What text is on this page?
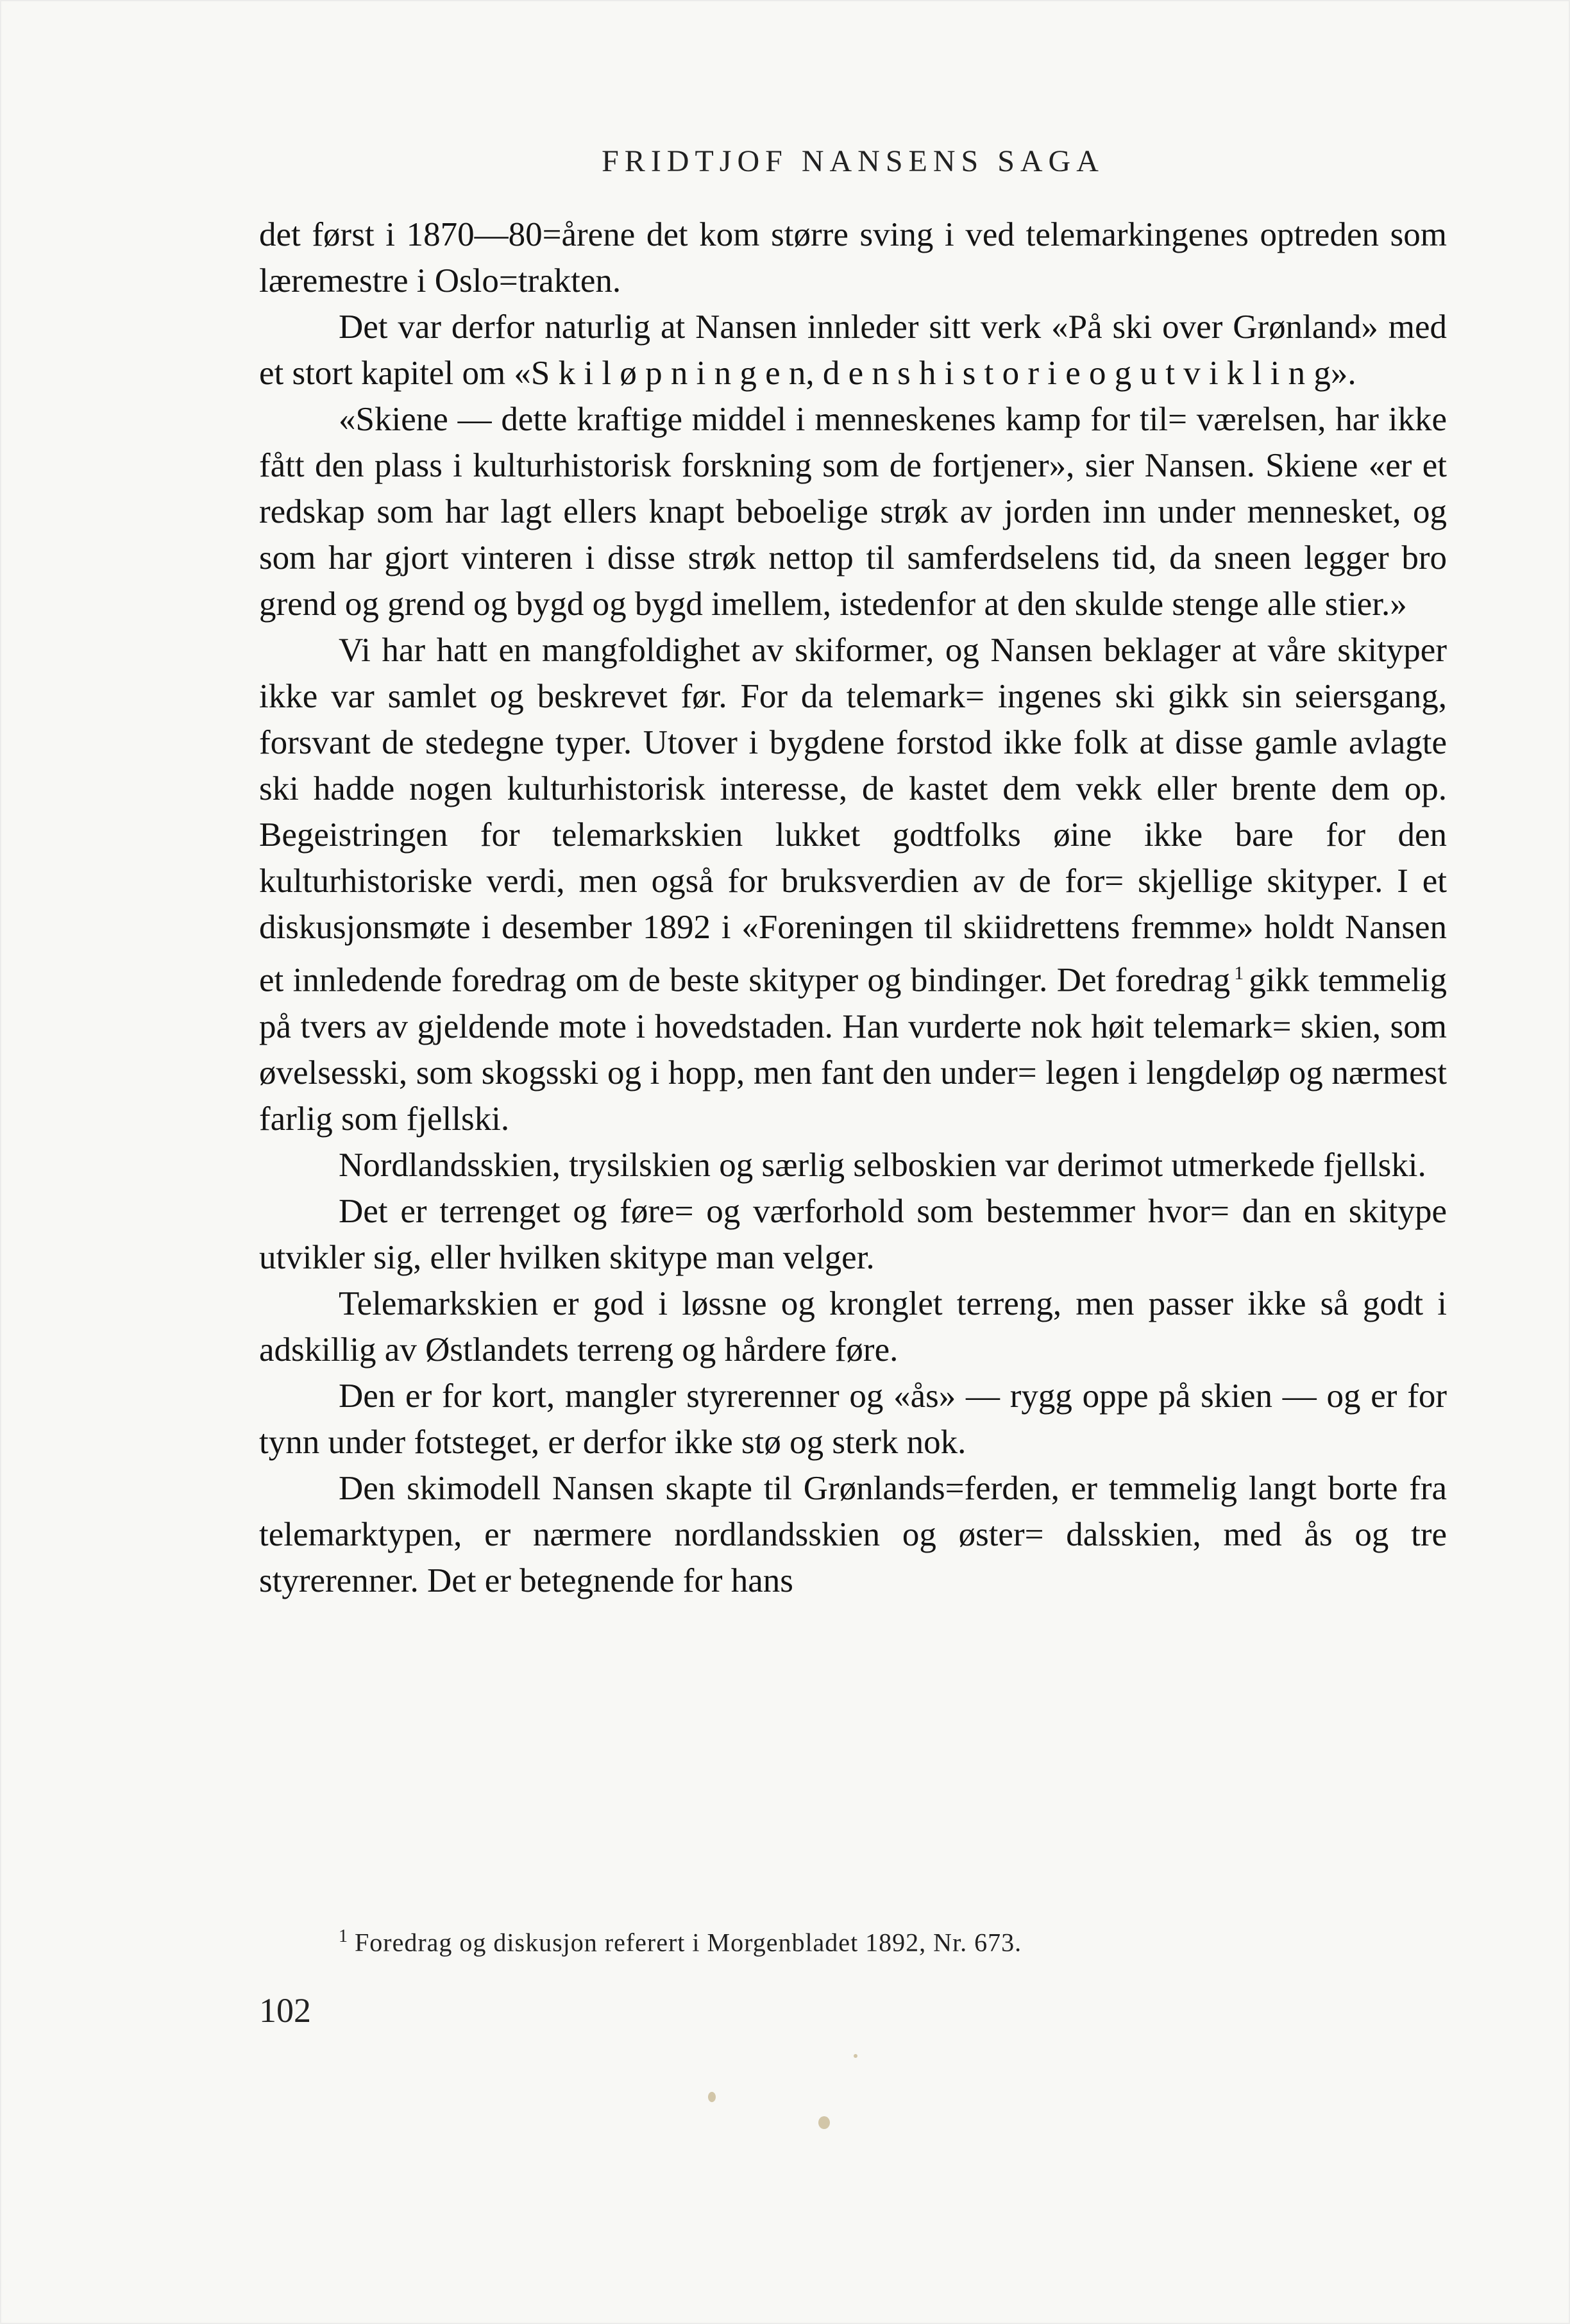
FRIDTJOF NANSENS SAGA

det først i 1870—80=årene det kom større sving i ved telemarkingenes optreden som læremestre i Oslo=trakten.

Det var derfor naturlig at Nansen innleder sitt verk «På ski over Grønland» med et stort kapitel om «S k i l ø p n i n g e n, d e n s h i s t o r i e o g u t v i k l i n g».

«Skiene — dette kraftige middel i menneskenes kamp for til= værelsen, har ikke fått den plass i kulturhistorisk forskning som de fortjener», sier Nansen. Skiene «er et redskap som har lagt ellers knapt beboelige strøk av jorden inn under mennesket, og som har gjort vinteren i disse strøk nettop til samferdselens tid, da sneen legger bro grend og grend og bygd og bygd imellem, istedenfor at den skulde stenge alle stier.»

Vi har hatt en mangfoldighet av skiformer, og Nansen beklager at våre skityper ikke var samlet og beskrevet før. For da telemark= ingenes ski gikk sin seiersgang, forsvant de stedegne typer. Utover i bygdene forstod ikke folk at disse gamle avlagte ski hadde nogen kulturhistorisk interesse, de kastet dem vekk eller brente dem op. Begeistringen for telemarkskien lukket godtfolks øine ikke bare for den kulturhistoriske verdi, men også for bruksverdien av de for= skjellige skityper. I et diskusjonsmøte i desember 1892 i «Foreningen til skiidrettens fremme» holdt Nansen et innledende foredrag om de beste skityper og bindinger. Det foredrag $^1$ gikk temmelig på tvers av gjeldende mote i hovedstaden. Han vurderte nok høit telemark= skien, som øvelsesski, som skogsski og i hopp, men fant den under= legen i lengdeløp og nærmest farlig som fjellski.

Nordlandsskien, trysilskien og særlig selboskien var derimot utmerkede fjellski.

Det er terrenget og føre= og værforhold som bestemmer hvor= dan en skitype utvikler sig, eller hvilken skitype man velger.

Telemarkskien er god i løssne og kronglet terreng, men passer ikke så godt i adskillig av Østlandets terreng og hårdere føre.

Den er for kort, mangler styrerenner og «ås» — rygg oppe på skien — og er for tynn under fotsteget, er derfor ikke stø og sterk nok.

Den skimodell Nansen skapte til Grønlands=ferden, er temmelig langt borte fra telemarktypen, er nærmere nordlandsskien og øster= dalsskien, med ås og tre styrerenner. Det er betegnende for hans

$^1$ Foredrag og diskusjon referert i Morgenbladet 1892, Nr. 673.

102
